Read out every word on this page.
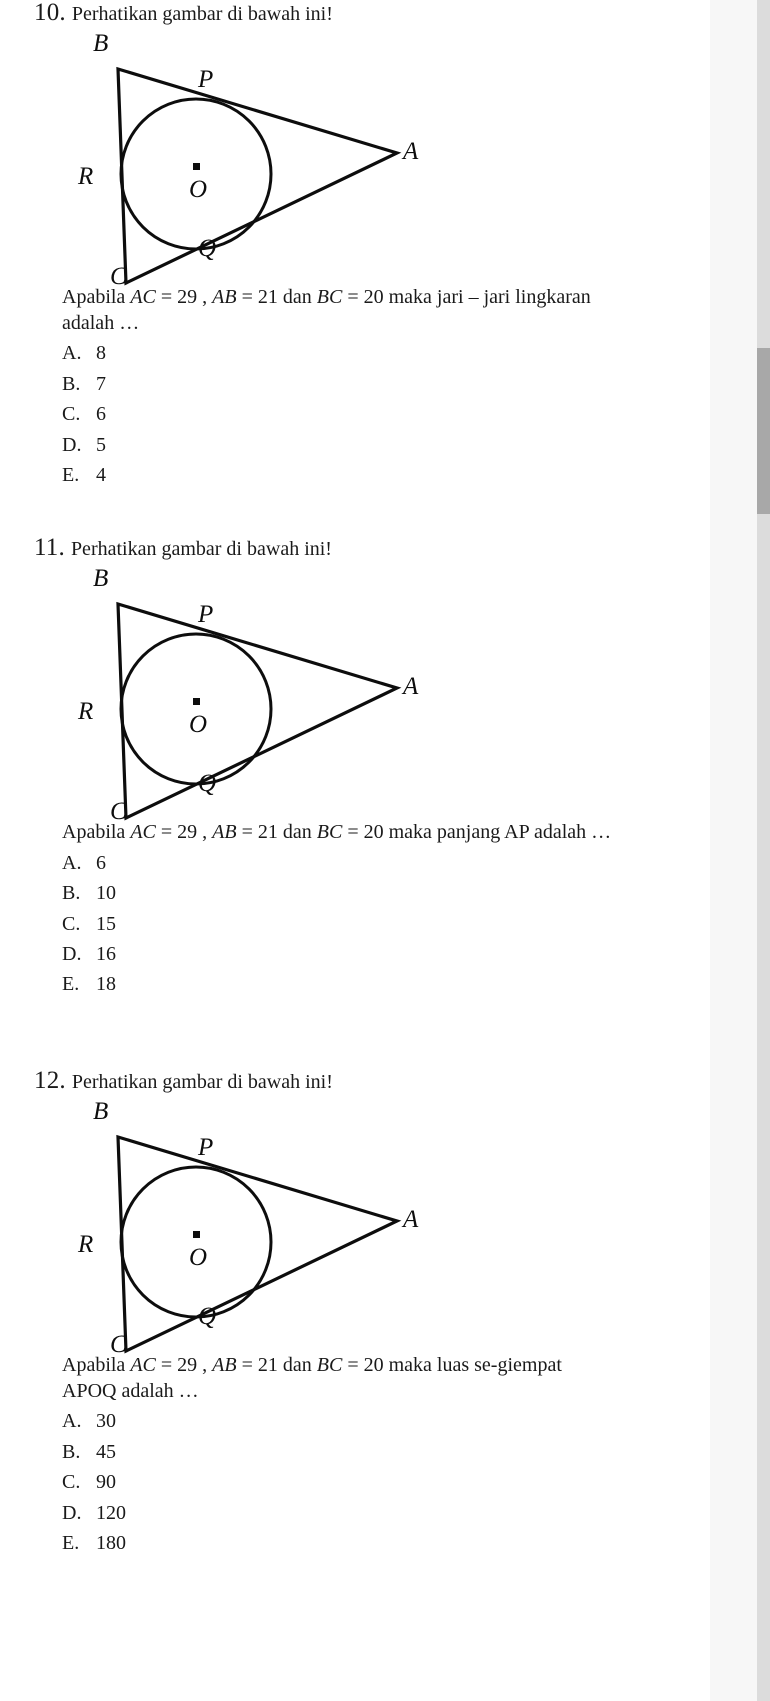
10. Perhatikan gambar di bawah ini!
B
P
A
R	O
Q
C
Apabila AC = 29 , AB = 21 dan BC = 20 maka jari – jari lingkaran adalah …
A. 8
B. 7
C. 6
D. 5
E. 4
11. Perhatikan gambar di bawah ini!
B
P
A
R	O
Q
C
Apabila AC = 29 , AB = 21 dan BC = 20 maka panjang AP adalah …
A. 6
B. 10
C. 15
D. 16
E. 18
12. Perhatikan gambar di bawah ini!
B
P
A
R	O
Q
C
Apabila AC = 29 , AB = 21 dan BC = 20 maka luas se-giempat APOQ adalah …
A. 30
B. 45
C. 90
D. 120
E. 180
